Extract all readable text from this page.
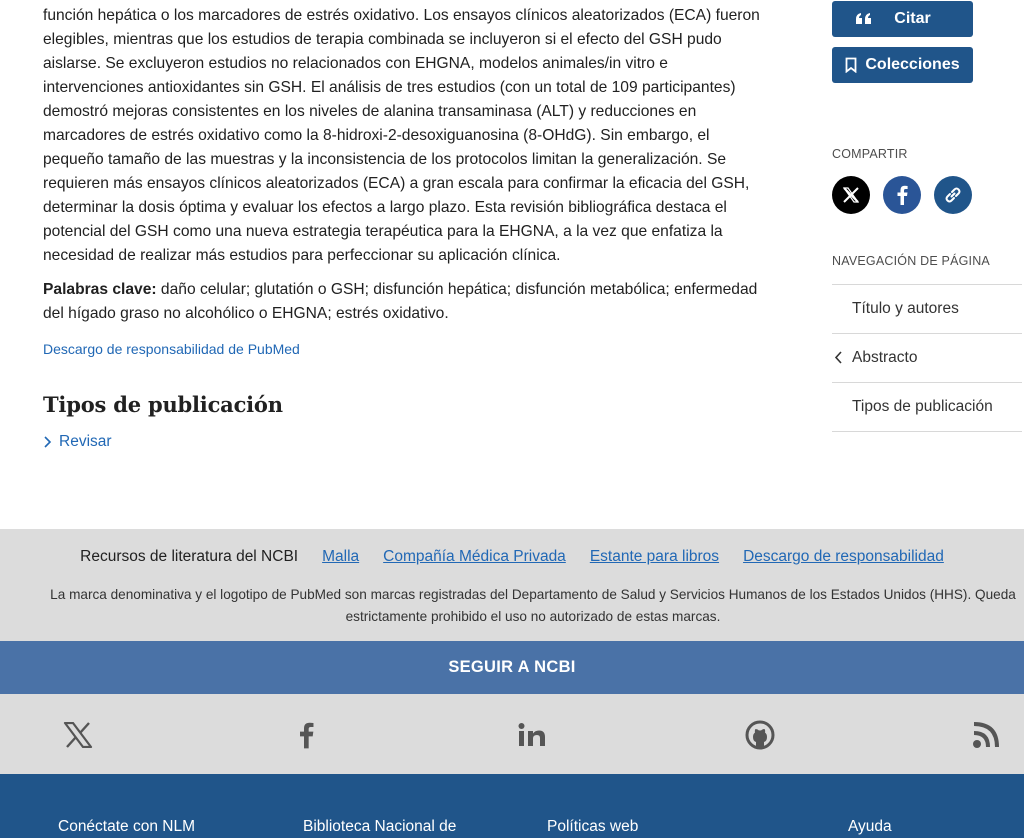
función hepática o los marcadores de estrés oxidativo. Los ensayos clínicos aleatorizados (ECA) fueron elegibles, mientras que los estudios de terapia combinada se incluyeron si el efecto del GSH pudo aislarse. Se excluyeron estudios no relacionados con EHGNA, modelos animales/in vitro e intervenciones antioxidantes sin GSH. El análisis de tres estudios (con un total de 109 participantes) demostró mejoras consistentes en los niveles de alanina transaminasa (ALT) y reducciones en marcadores de estrés oxidativo como la 8-hidroxi-2-desoxiguanosina (8-OHdG). Sin embargo, el pequeño tamaño de las muestras y la inconsistencia de los protocolos limitan la generalización. Se requieren más ensayos clínicos aleatorizados (ECA) a gran escala para confirmar la eficacia del GSH, determinar la dosis óptima y evaluar los efectos a largo plazo. Esta revisión bibliográfica destaca el potencial del GSH como una nueva estrategia terapéutica para la EHGNA, a la vez que enfatiza la necesidad de realizar más estudios para perfeccionar su aplicación clínica.

Palabras clave: daño celular; glutatión o GSH; disfunción hepática; disfunción metabólica; enfermedad del hígado graso no alcohólico o EHGNA; estrés oxidativo.

Descargo de responsabilidad de PubMed
Tipos de publicación
Revisar
Citar
Colecciones
COMPARTIR
NAVEGACIÓN DE PÁGINA
Título y autores
Abstracto
Tipos de publicación
Recursos de literatura del NCBI Malla Compañía Médica Privada Estante para libros Descargo de responsabilidad

La marca denominativa y el logotipo de PubMed son marcas registradas del Departamento de Salud y Servicios Humanos de los Estados Unidos (HHS). Queda estrictamente prohibido el uso no autorizado de estas marcas.

SEGUIR A NCBI
Conéctate con NLM	Biblioteca Nacional de	Políticas web	Ayuda
